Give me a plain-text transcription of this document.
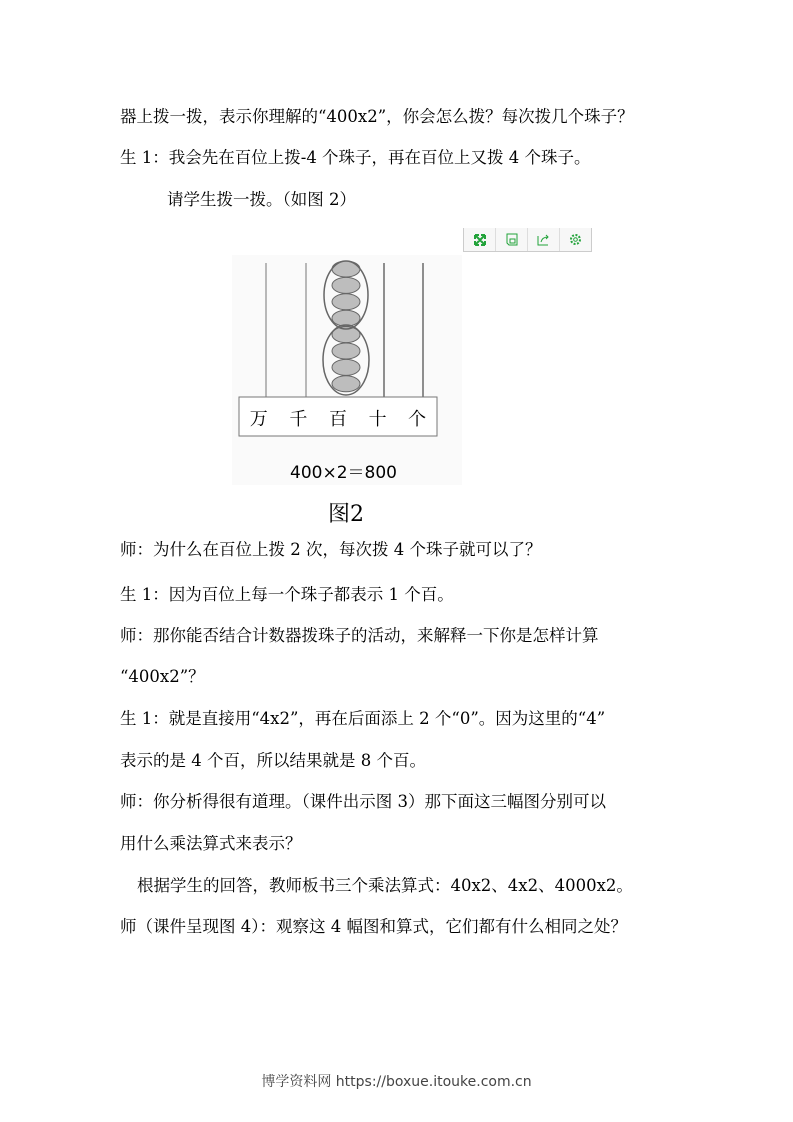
器上拨一拨，表示你理解的“400x2”，你会怎么拨？每次拨几个珠子？
生 1：我会先在百位上拨-4 个珠子，再在百位上又拨 4 个珠子。
请学生拨一拨。（如图 2）
万 千 百 十 个
400×2＝800
图2
师：为什么在百位上拨 2 次，每次拨 4 个珠子就可以了？
生 1：因为百位上每一个珠子都表示 1 个百。
师：那你能否结合计数器拨珠子的活动，来解释一下你是怎样计算
“400x2”？
生 1：就是直接用“4x2”，再在后面添上 2 个“0”。因为这里的“4”
表示的是 4 个百，所以结果就是 8 个百。
师：你分析得很有道理。（课件出示图 3）那下面这三幅图分别可以
用什么乘法算式来表示？
根据学生的回答，教师板书三个乘法算式：40x2、4x2、4000x2。
师（课件呈现图 4）：观察这 4 幅图和算式，它们都有什么相同之处？
博学资料网 https://boxue.itouke.com.cn
